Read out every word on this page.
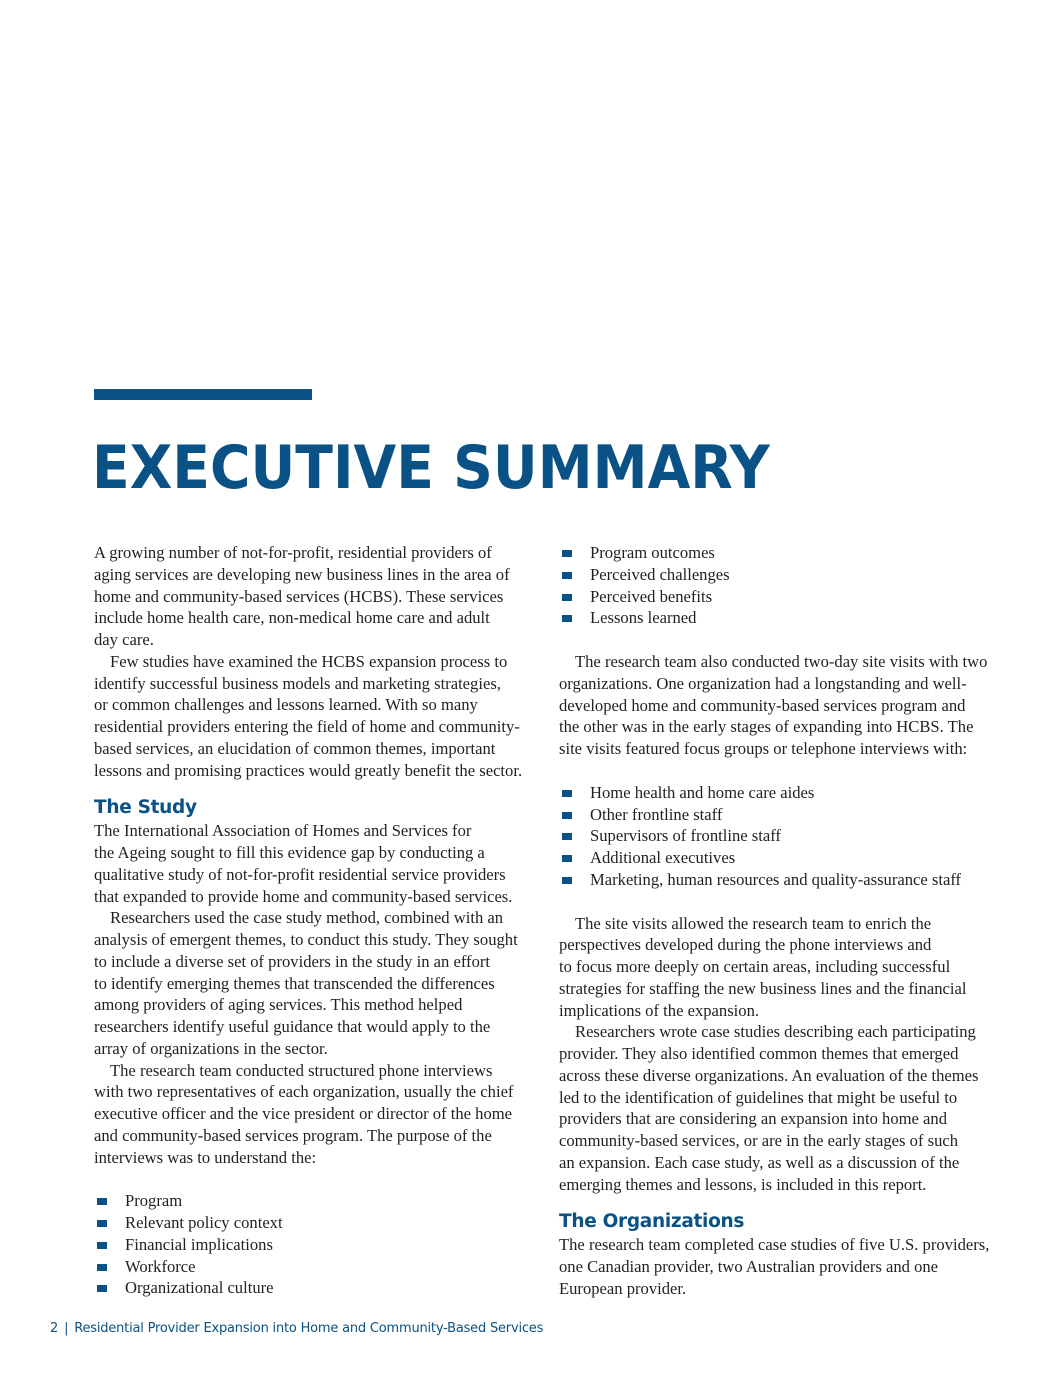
EXECUTIVE SUMMARY

A growing number of not-for-profit, residential providers of
aging services are developing new business lines in the area of
home and community-based services (HCBS). These services
include home health care, non-medical home care and adult
day care.

Few studies have examined the HCBS expansion process to
identify successful business models and marketing strategies,
or common challenges and lessons learned. With so many
residential providers entering the field of home and community-
based services, an elucidation of common themes, important
lessons and promising practices would greatly benefit the sector.

The Study

The International Association of Homes and Services for
the Ageing sought to fill this evidence gap by conducting a
qualitative study of not-for-profit residential service providers
that expanded to provide home and community-based services.

Researchers used the case study method, combined with an
analysis of emergent themes, to conduct this study. They sought
to include a diverse set of providers in the study in an effort
to identify emerging themes that transcended the differences
among providers of aging services. This method helped
researchers identify useful guidance that would apply to the
array of organizations in the sector.

The research team conducted structured phone interviews
with two representatives of each organization, usually the chief
executive officer and the vice president or director of the home
and community-based services program. The purpose of the
interviews was to understand the:

Program
Relevant policy context
Financial implications
Workforce
Organizational culture
Program outcomes
Perceived challenges
Perceived benefits
Lessons learned

The research team also conducted two-day site visits with two
organizations. One organization had a longstanding and well-
developed home and community-based services program and
the other was in the early stages of expanding into HCBS. The
site visits featured focus groups or telephone interviews with:

Home health and home care aides
Other frontline staff
Supervisors of frontline staff
Additional executives
Marketing, human resources and quality-assurance staff

The site visits allowed the research team to enrich the
perspectives developed during the phone interviews and
to focus more deeply on certain areas, including successful
strategies for staffing the new business lines and the financial
implications of the expansion.

Researchers wrote case studies describing each participating
provider. They also identified common themes that emerged
across these diverse organizations. An evaluation of the themes
led to the identification of guidelines that might be useful to
providers that are considering an expansion into home and
community-based services, or are in the early stages of such
an expansion. Each case study, as well as a discussion of the
emerging themes and lessons, is included in this report.

The Organizations

The research team completed case studies of five U.S. providers,
one Canadian provider, two Australian providers and one
European provider.

2 | Residential Provider Expansion into Home and Community-Based Services
